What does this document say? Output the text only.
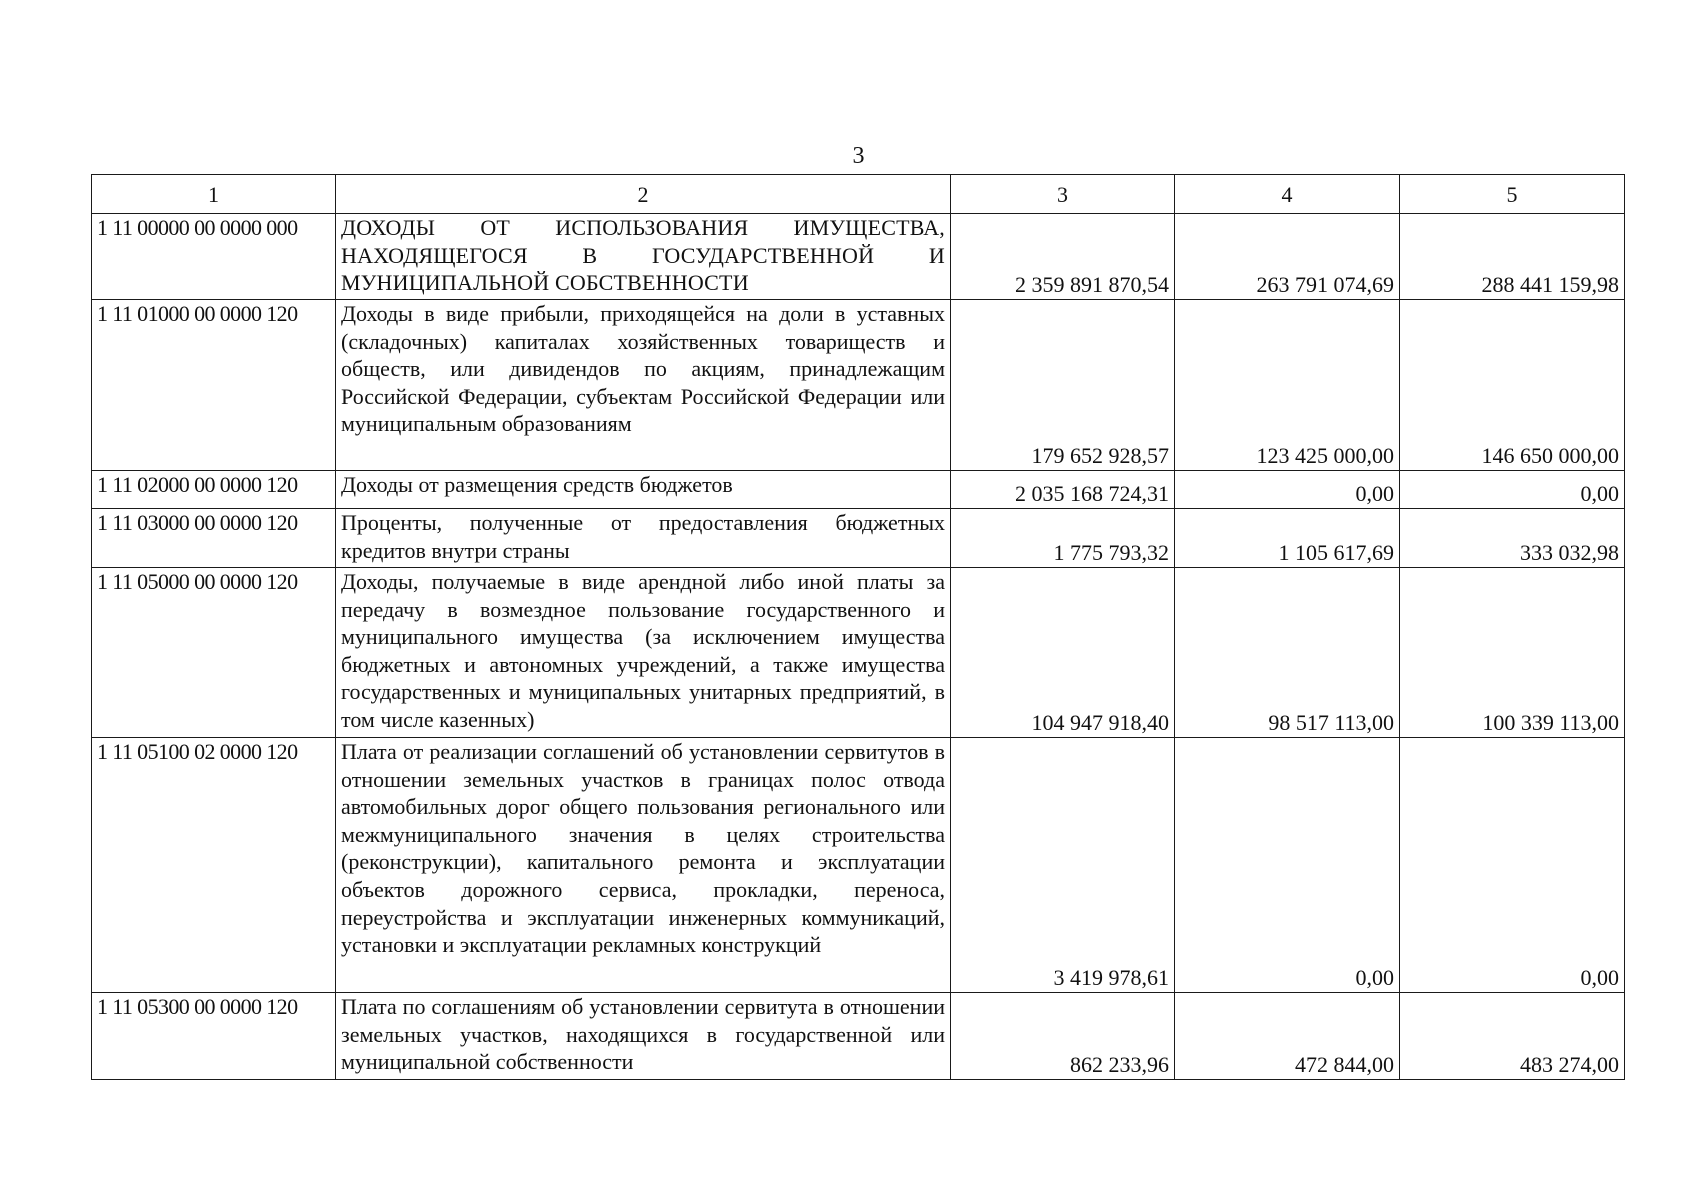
3
1	2	3	4	5
1 11 00000 00 0000 000	ДОХОДЫ ОТ ИСПОЛЬЗОВАНИЯ ИМУЩЕСТВА, НАХОДЯЩЕГОСЯ В ГОСУДАРСТВЕННОЙ И МУНИЦИПАЛЬНОЙ СОБСТВЕННОСТИ	2 359 891 870,54	263 791 074,69	288 441 159,98
1 11 01000 00 0000 120	Доходы в виде прибыли, приходящейся на доли в уставных (складочных) капиталах хозяйственных товариществ и обществ, или дивидендов по акциям, принадлежащим Российской Федерации, субъектам Российской Федерации или муниципальным образованиям	179 652 928,57	123 425 000,00	146 650 000,00
1 11 02000 00 0000 120	Доходы от размещения средств бюджетов	2 035 168 724,31	0,00	0,00
1 11 03000 00 0000 120	Проценты, полученные от предоставления бюджетных кредитов внутри страны	1 775 793,32	1 105 617,69	333 032,98
1 11 05000 00 0000 120	Доходы, получаемые в виде арендной либо иной платы за передачу в возмездное пользование государственного и муниципального имущества (за исключением имущества бюджетных и автономных учреждений, а также имущества государственных и муниципальных унитарных предприятий, в том числе казенных)	104 947 918,40	98 517 113,00	100 339 113,00
1 11 05100 02 0000 120	Плата от реализации соглашений об установлении сервитутов в отношении земельных участков в границах полос отвода автомобильных дорог общего пользования регионального или межмуниципального значения в целях строительства (реконструкции), капитального ремонта и эксплуатации объектов дорожного сервиса, прокладки, переноса, переустройства и эксплуатации инженерных коммуникаций, установки и эксплуатации рекламных конструкций	3 419 978,61	0,00	0,00
1 11 05300 00 0000 120	Плата по соглашениям об установлении сервитута в отношении земельных участков, находящихся в государственной или муниципальной собственности	862 233,96	472 844,00	483 274,00
